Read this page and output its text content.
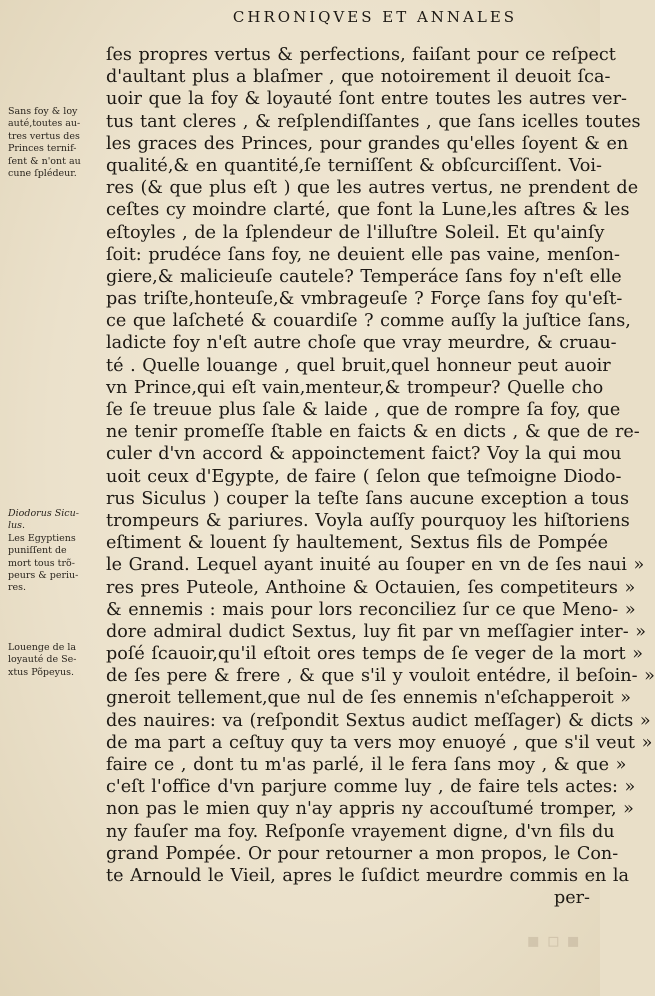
CHRONIQVES ET ANNALES
Sans foy & loy
auté,toutes au-
tres vertus des
Princes ternif-
ſent & n'ont au
cune ſplédeur.
Diodorus Sicu-
lus.
Les Egyptiens
puniſſent de
mort tous trõ-
peurs & periu-
res.
Louenge de la
loyauté de Se-
xtus Põpeyus.
ſes propres vertus & perfections, faiſant pour ce reſpect
d'aultant plus a blaſmer , que notoirement il deuoit ſca-
uoir que la foy & loyauté ſont entre toutes les autres ver-
tus tant cleres , & reſplendiſſantes , que ſans icelles toutes
les graces des Princes, pour grandes qu'elles ſoyent & en
qualité,& en quantité,ſe terniſſent & obſcurciſſent. Voi-
res (& que plus eſt ) que les autres vertus, ne prendent de
ceſtes cy moindre clarté, que font la Lune,les aſtres & les
eſtoyles , de la ſplendeur de l'illuſtre Soleil. Et qu'ainſy
ſoit: prudéce ſans foy, ne deuient elle pas vaine, menſon-
giere,& malicieuſe cautele? Temperáce ſans foy n'eſt elle
pas triſte,honteuſe,& vmbrageuſe ? Forçe ſans foy qu'eſt-
ce que laſcheté & couardiſe ? comme auſſy la juſtice ſans,
ladicte foy n'eſt autre choſe que vray meurdre, & cruau-
té . Quelle louange , quel bruit,quel honneur peut auoir
vn Prince,qui eſt vain,menteur,& trompeur? Quelle cho
ſe ſe treuue plus ſale & laide , que de rompre ſa foy, que
ne tenir promeſſe ſtable en faicts & en dicts , & que de re-
culer d'vn accord & appoinctement faict? Voy la qui mou
uoit ceux d'Egypte, de faire ( ſelon que teſmoigne Diodo-
rus Siculus ) couper la teſte ſans aucune exception a tous
trompeurs & pariures. Voyla auſſy pourquoy les hiſtoriens
eſtiment & louent ſy haultement, Sextus fils de Pompée
le Grand. Lequel ayant inuité au ſouper en vn de ſes naui »
res pres Puteole, Anthoine & Octauien, ſes competiteurs »
& ennemis : mais pour lors reconciliez ſur ce que Meno- »
dore admiral dudict Sextus, luy fit par vn meſſagier inter- »
poſé ſcauoir,qu'il eſtoit ores temps de ſe veger de la mort »
de ſes pere & frere , & que s'il y vouloit entédre, il beſoin- »
gneroit tellement,que nul de ſes ennemis n'eſchapperoit »
des nauires: va (reſpondit Sextus audict meſſager) & dicts »
de ma part a ceſtuy quy ta vers moy enuoyé , que s'il veut »
faire ce , dont tu m'as parlé, il le fera ſans moy , & que »
c'eſt l'office d'vn parjure comme luy , de faire tels actes: »
non pas le mien quy n'ay appris ny accouſtumé tromper, »
ny fauſer ma foy. Reſponſe vrayement digne, d'vn fils du
grand Pompée. Or pour retourner a mon propos, le Con-
te Arnould le Vieil, apres le ſuſdict meurdre commis en la
per-
▪ ▫ ▪
